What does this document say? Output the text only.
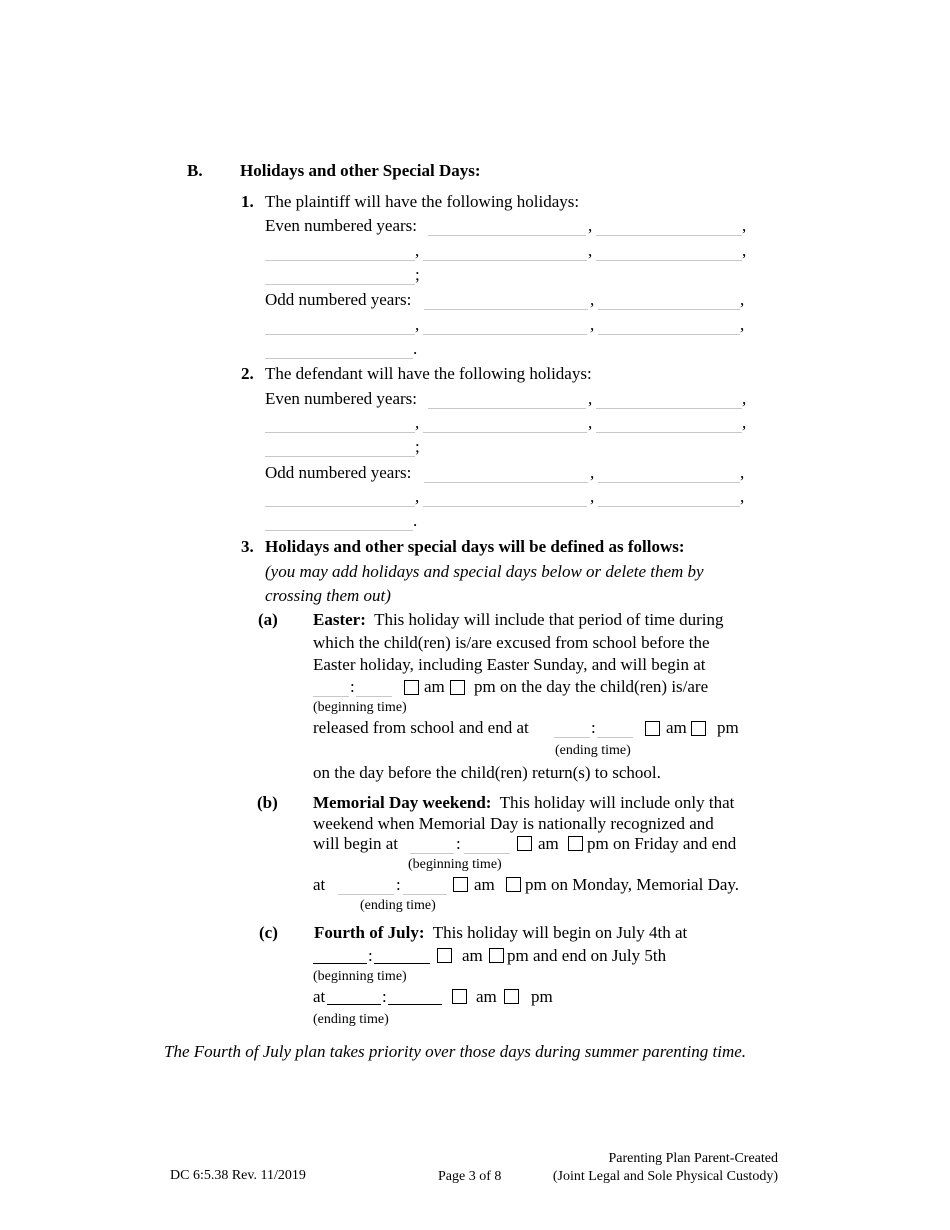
B. Holidays and other Special Days:
1. The plaintiff will have the following holidays:
Even numbered years:	,	,
,	,	,
;
Odd numbered years:	,	,
,	,	,
.
2. The defendant will have the following holidays:
Even numbered years:	,	,
,	,	,
;
Odd numbered years:	,	,
,	,	,
.
3. Holidays and other special days will be defined as follows:
(you may add holidays and special days below or delete them by
crossing them out)
(a) Easter: This holiday will include that period of time during
which the child(ren) is/are excused from school before the
Easter holiday, including Easter Sunday, and will begin at
:	am pm on the day the child(ren) is/are
(beginning time)
released from school and end at	:	am pm
(ending time)
on the day before the child(ren) return(s) to school.
(b) Memorial Day weekend: This holiday will include only that
weekend when Memorial Day is nationally recognized and
will begin at	:	am pm on Friday and end
(beginning time)
at	:	am pm on Monday, Memorial Day.
(ending time)
(c) Fourth of July: This holiday will begin on July 4th at
:	am pm and end on July 5th
(beginning time)
at	:	am pm
(ending time)
The Fourth of July plan takes priority over those days during summer parenting time.
DC 6:5.38 Rev. 11/2019	Page 3 of 8
Parenting Plan Parent-Created
(Joint Legal and Sole Physical Custody)
